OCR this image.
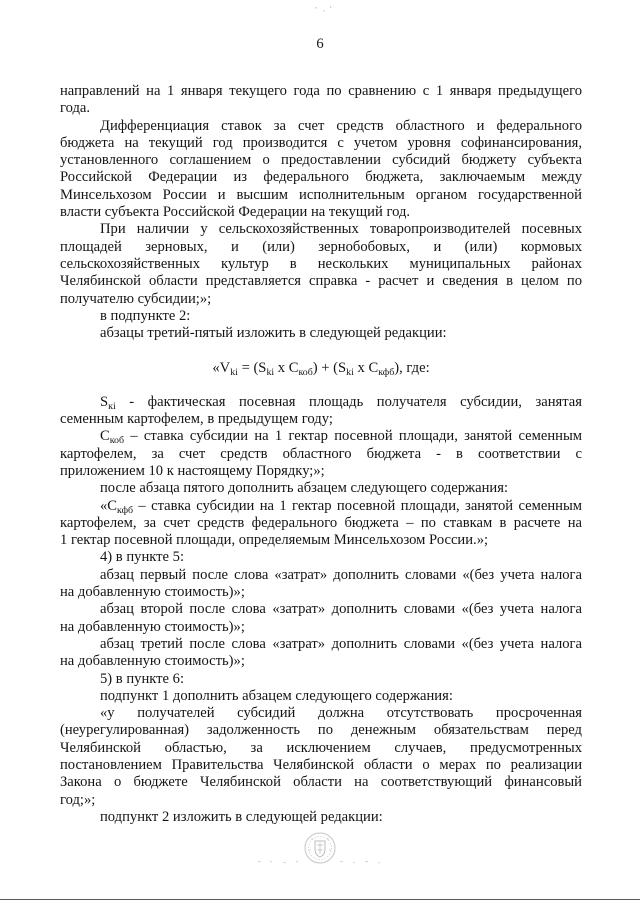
6
направлений на 1 января текущего года по сравнению с 1 января предыдущего
года.
Дифференциация ставок за счет средств областного и федерального
бюджета на текущий год производится с учетом уровня софинансирования,
установленного соглашением о предоставлении субсидий бюджету субъекта
Российской Федерации из федерального бюджета, заключаемым между
Минсельхозом России и высшим исполнительным органом государственной
власти субъекта Российской Федерации на текущий год.
При наличии у сельскохозяйственных товаропроизводителей посевных
площадей зерновых, и (или) зернобобовых, и (или) кормовых
сельскохозяйственных культур в нескольких муниципальных районах
Челябинской области представляется справка - расчет и сведения в целом по
получателю субсидии;»;
в подпункте 2:
абзацы третий-пятый изложить в следующей редакции:
«$V_{ki} = (S_{ki}$ х $С_{коб}) + (S_{ki}$ х $С_{кфб}$), где:
$S_{кi}$ - фактическая посевная площадь получателя субсидии, занятая
семенным картофелем, в предыдущем году;
$С_{коб}$ – ставка субсидии на 1 гектар посевной площади, занятой семенным
картофелем, за счет средств областного бюджета - в соответствии с
приложением 10 к настоящему Порядку;»;
после абзаца пятого дополнить абзацем следующего содержания:
«$С_{кфб}$ – ставка субсидии на 1 гектар посевной площади, занятой семенным
картофелем, за счет средств федерального бюджета – по ставкам в расчете на
1 гектар посевной площади, определяемым Минсельхозом России.»;
4) в пункте 5:
абзац первый после слова «затрат» дополнить словами «(без учета налога
на добавленную стоимость)»;
абзац второй после слова «затрат» дополнить словами «(без учета налога
на добавленную стоимость)»;
абзац третий после слова «затрат» дополнить словами «(без учета налога
на добавленную стоимость)»;
5) в пункте 6:
подпункт 1 дополнить абзацем следующего содержания:
«у получателей субсидий должна отсутствовать просроченная
(неурегулированная) задолженность по денежным обязательствам перед
Челябинской областью, за исключением случаев, предусмотренных
постановлением Правительства Челябинской области о мерах по реализации
Закона о бюджете Челябинской области на соответствующий финансовый
год;»;
подпункт 2 изложить в следующей редакции:
